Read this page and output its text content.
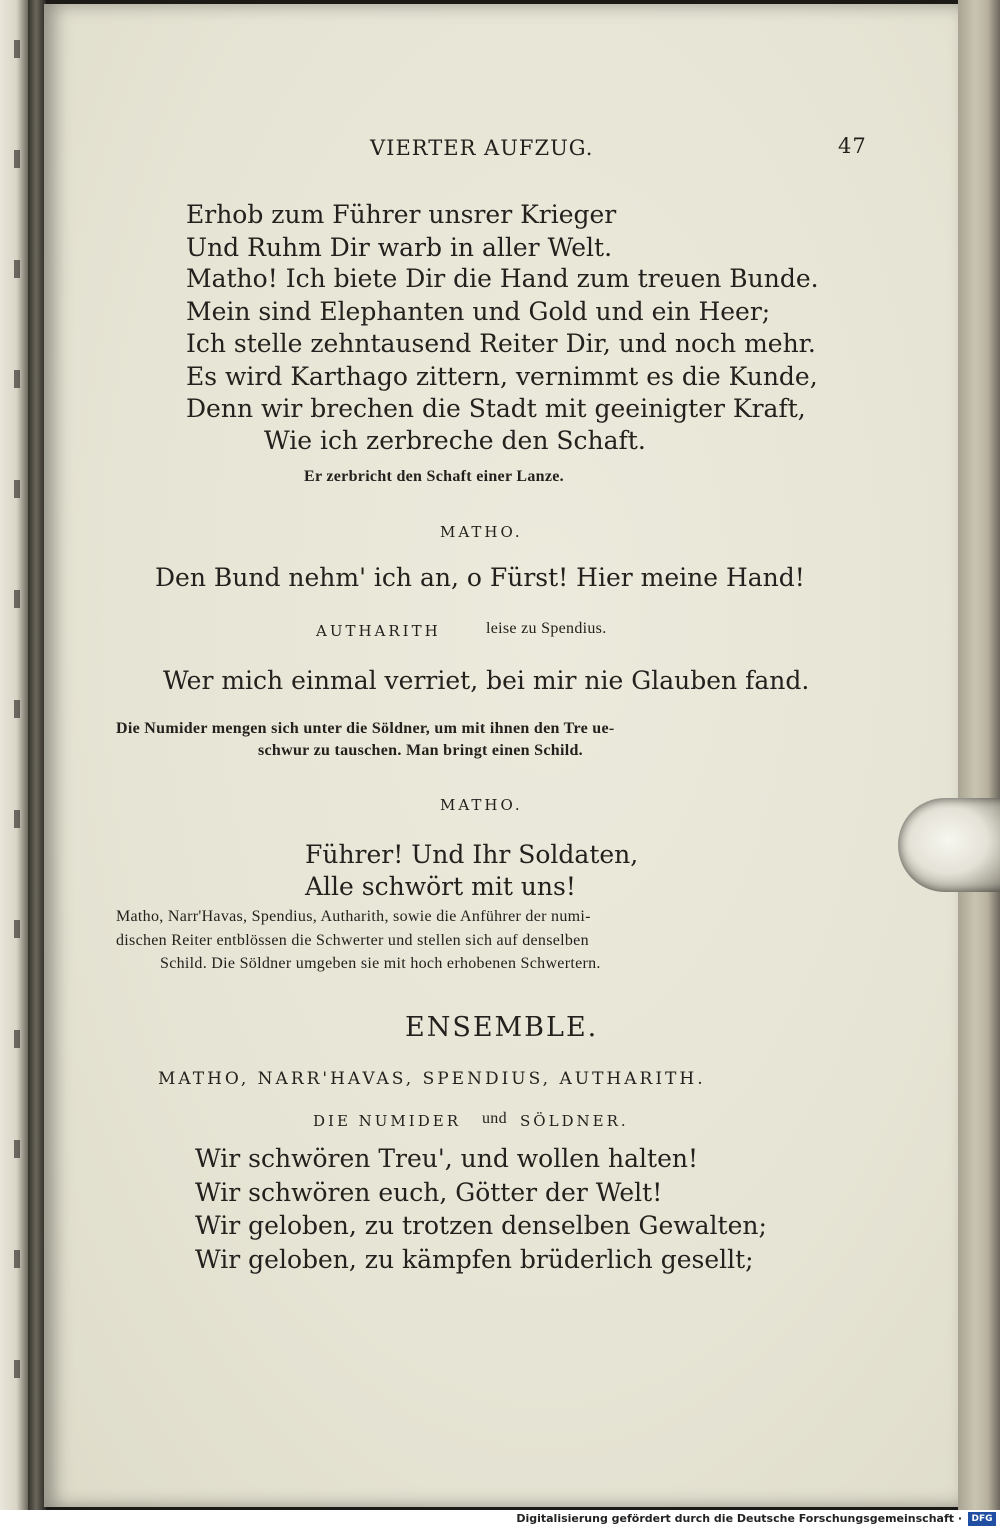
VIERTER AUFZUG.	47

Erhob zum Führer unsrer Krieger

Und Ruhm Dir warb in aller Welt.

Matho! Ich biete Dir die Hand zum treuen Bunde.

Mein sind Elephanten und Gold und ein Heer;

Ich stelle zehntausend Reiter Dir, und noch mehr.

Es wird Karthago zittern, vernimmt es die Kunde,

Denn wir brechen die Stadt mit geeinigter Kraft,

Wie ich zerbreche den Schaft.

Er zerbricht den Schaft einer Lanze.

MATHO.

Den Bund nehm' ich an, o Fürst! Hier meine Hand!

AUTHARITH	leise zu Spendius.

Wer mich einmal verriet, bei mir nie Glauben fand.

Die Numider mengen sich unter die Söldner, um mit ihnen den Tre ue-

schwur zu tauschen. Man bringt einen Schild.

MATHO.

Führer! Und Ihr Soldaten,

Alle schwört mit uns!

Matho, Narr'Havas, Spendius, Autharith, sowie die Anführer der numi-

dischen Reiter entblössen die Schwerter und stellen sich auf denselben

Schild. Die Söldner umgeben sie mit hoch erhobenen Schwertern.

ENSEMBLE.

MATHO, NARR'HAVAS, SPENDIUS, AUTHARITH.

DIE NUMIDER und SÖLDNER.

Wir schwören Treu', und wollen halten!

Wir schwören euch, Götter der Welt!

Wir geloben, zu trotzen denselben Gewalten;

Wir geloben, zu kämpfen brüderlich gesellt;

Digitalisierung gefördert durch die Deutsche Forschungsgemeinschaft ·	DFG
